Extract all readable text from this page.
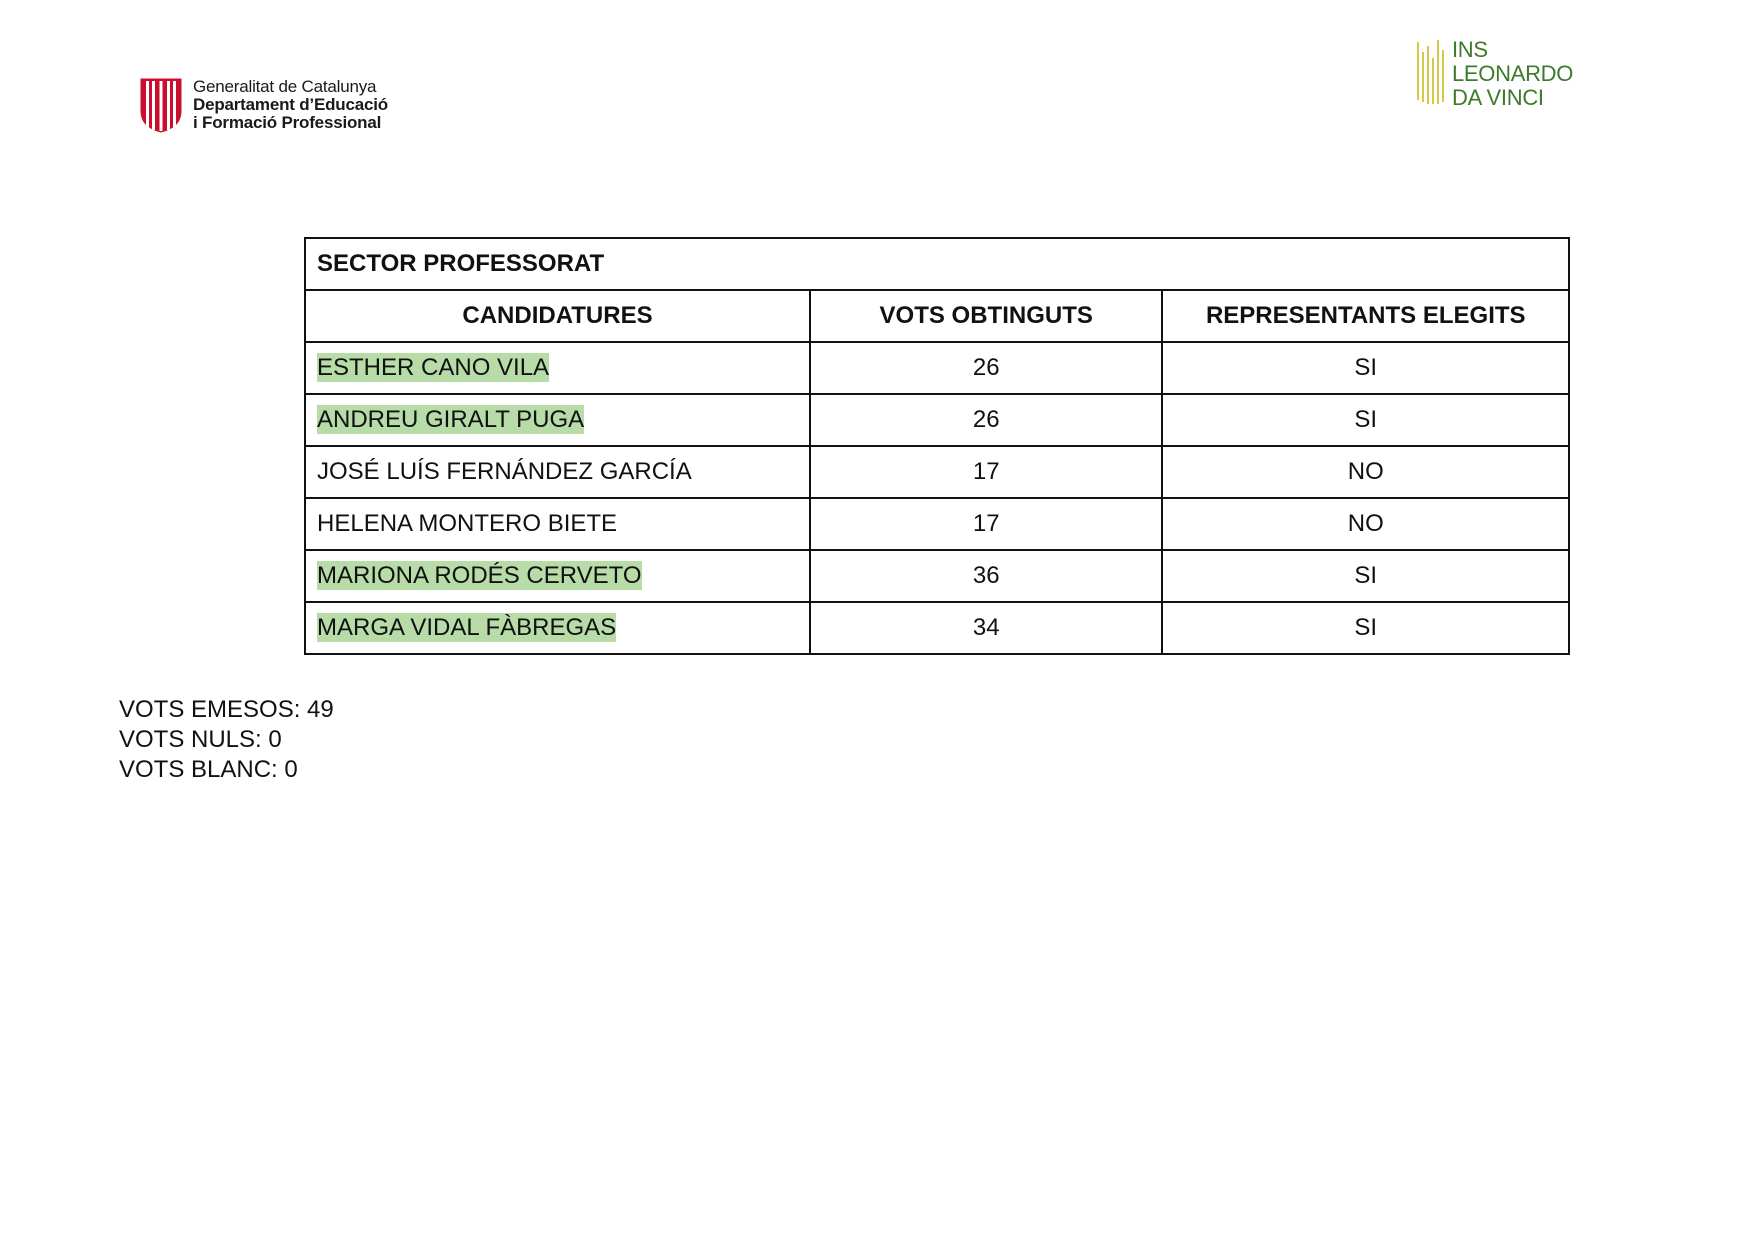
Generalitat de Catalunya
Departament d’Educació
i Formació Professional
INS
LEONARDO
DA VINCI
SECTOR PROFESSORAT		
CANDIDATURES	VOTS OBTINGUTS	REPRESENTANTS ELEGITS
ESTHER CANO VILA	26	SI
ANDREU GIRALT PUGA	26	SI
JOSÉ LUÍS FERNÁNDEZ GARCÍA	17	NO
HELENA MONTERO BIETE	17	NO
MARIONA RODÉS CERVETO	36	SI
MARGA VIDAL FÀBREGAS	34	SI
VOTS EMESOS: 49
VOTS NULS: 0
VOTS BLANC: 0
